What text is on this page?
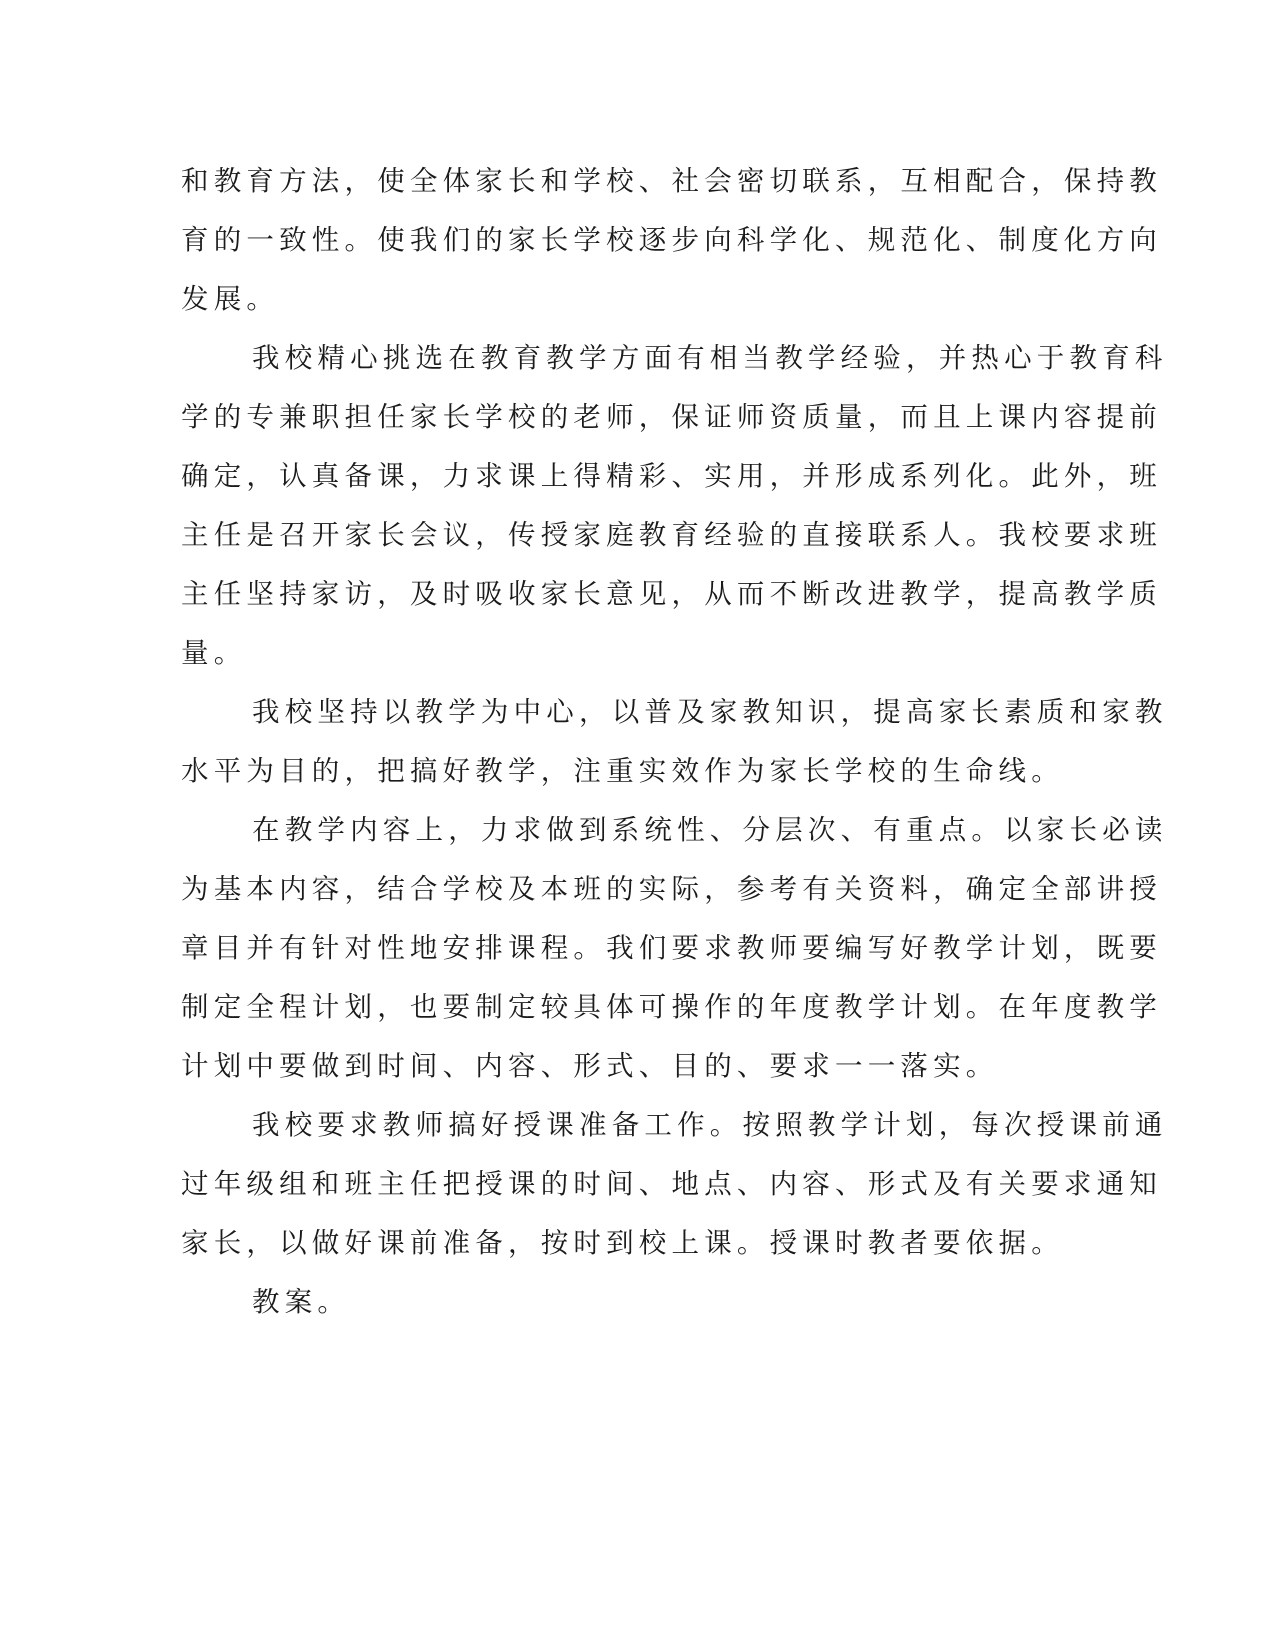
和教育方法，使全体家长和学校、社会密切联系，互相配合，保持教
育的一致性。使我们的家长学校逐步向科学化、规范化、制度化方向
发展。
我校精心挑选在教育教学方面有相当教学经验，并热心于教育科
学的专兼职担任家长学校的老师，保证师资质量，而且上课内容提前
确定，认真备课，力求课上得精彩、实用，并形成系列化。此外，班
主任是召开家长会议，传授家庭教育经验的直接联系人。我校要求班
主任坚持家访，及时吸收家长意见，从而不断改进教学，提高教学质
量。
我校坚持以教学为中心，以普及家教知识，提高家长素质和家教
水平为目的，把搞好教学，注重实效作为家长学校的生命线。
在教学内容上，力求做到系统性、分层次、有重点。以家长必读
为基本内容，结合学校及本班的实际，参考有关资料，确定全部讲授
章目并有针对性地安排课程。我们要求教师要编写好教学计划，既要
制定全程计划，也要制定较具体可操作的年度教学计划。在年度教学
计划中要做到时间、内容、形式、目的、要求一一落实。
我校要求教师搞好授课准备工作。按照教学计划，每次授课前通
过年级组和班主任把授课的时间、地点、内容、形式及有关要求通知
家长，以做好课前准备，按时到校上课。授课时教者要依据。
教案。
